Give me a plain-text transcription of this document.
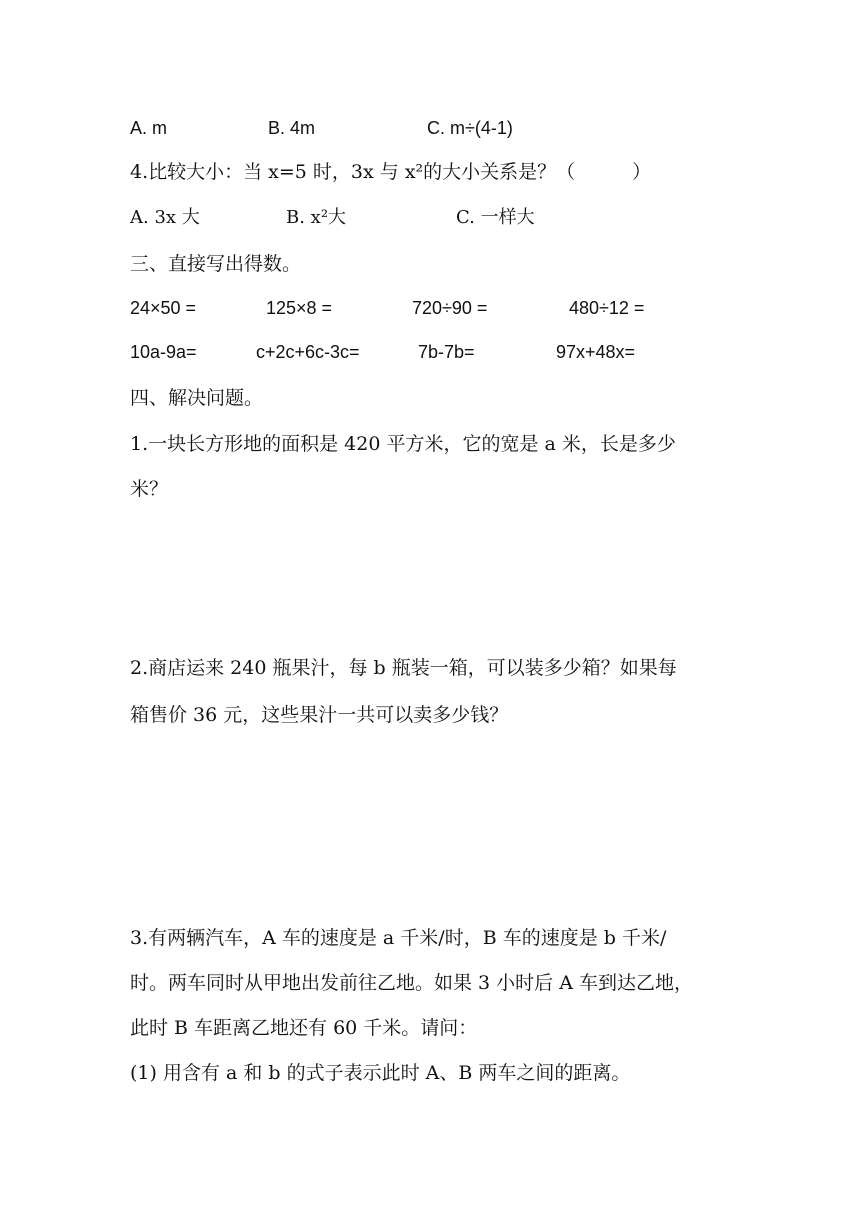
A. m	B. 4m	C. m÷(4-1)
4.比较大小：当 x=5 时，3x 与 x²的大小关系是？（　　　）
A. 3x 大	B. x²大	C. 一样大
三、直接写出得数。
24×50 =	125×8 =	720÷90 =	480÷12 =
10a-9a=	c+2c+6c-3c=	7b-7b=	97x+48x=
四、解决问题。
1.一块长方形地的面积是 420 平方米，它的宽是 a 米，长是多少
米？
2.商店运来 240 瓶果汁，每 b 瓶装一箱，可以装多少箱？如果每
箱售价 36 元，这些果汁一共可以卖多少钱？
3.有两辆汽车，A 车的速度是 a 千米/时，B 车的速度是 b 千米/
时。两车同时从甲地出发前往乙地。如果 3 小时后 A 车到达乙地，
此时 B 车距离乙地还有 60 千米。请问：
(1) 用含有 a 和 b 的式子表示此时 A、B 两车之间的距离。
